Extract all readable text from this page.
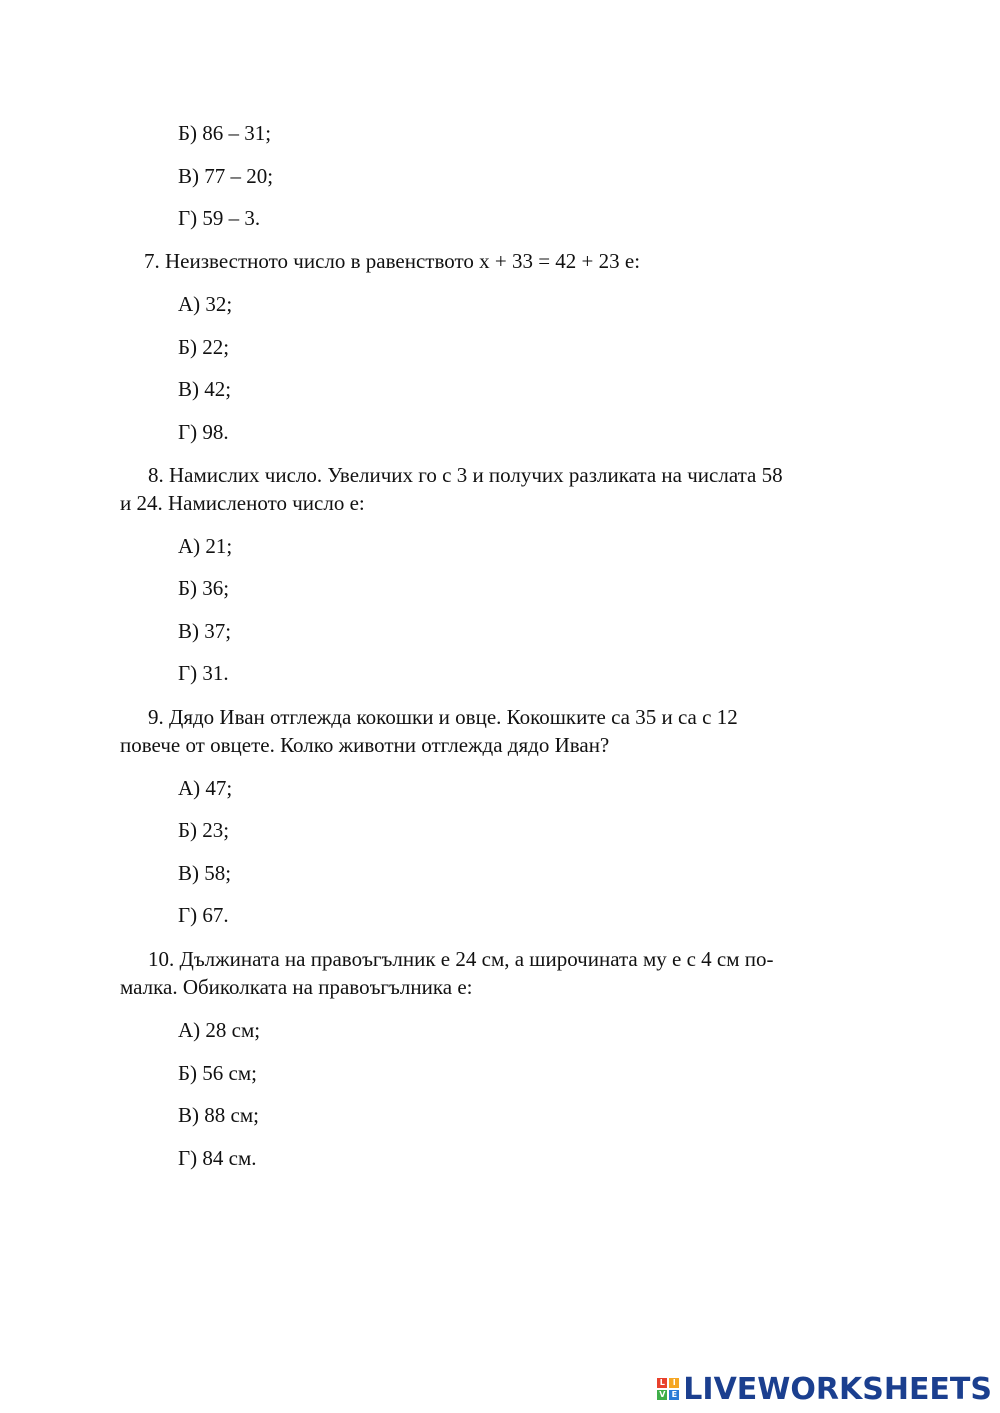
Б) 86 – 31;
В) 77 – 20;
Г) 59 – 3.
7. Неизвестното число в равенството x + 33 = 42 + 23 е:
А) 32;
Б) 22;
В) 42;
Г) 98.
8. Намислих число. Увеличих го с 3 и получих разликата на числата 58
и 24. Намисленото число е:
А) 21;
Б) 36;
В) 37;
Г) 31.
9. Дядо Иван отглежда кокошки и овце. Кокошките са 35 и са с 12
повече от овцете. Колко животни отглежда дядо Иван?
А) 47;
Б) 23;
В) 58;
Г) 67.
10. Дължината на правоъгълник е 24 см, а широчината му е с 4 см по-
малка. Обиколката на правоъгълника е:
А) 28 см;
Б) 56 см;
В) 88 см;
Г) 84 см.
L I
V E LIVEWORKSHEETS
